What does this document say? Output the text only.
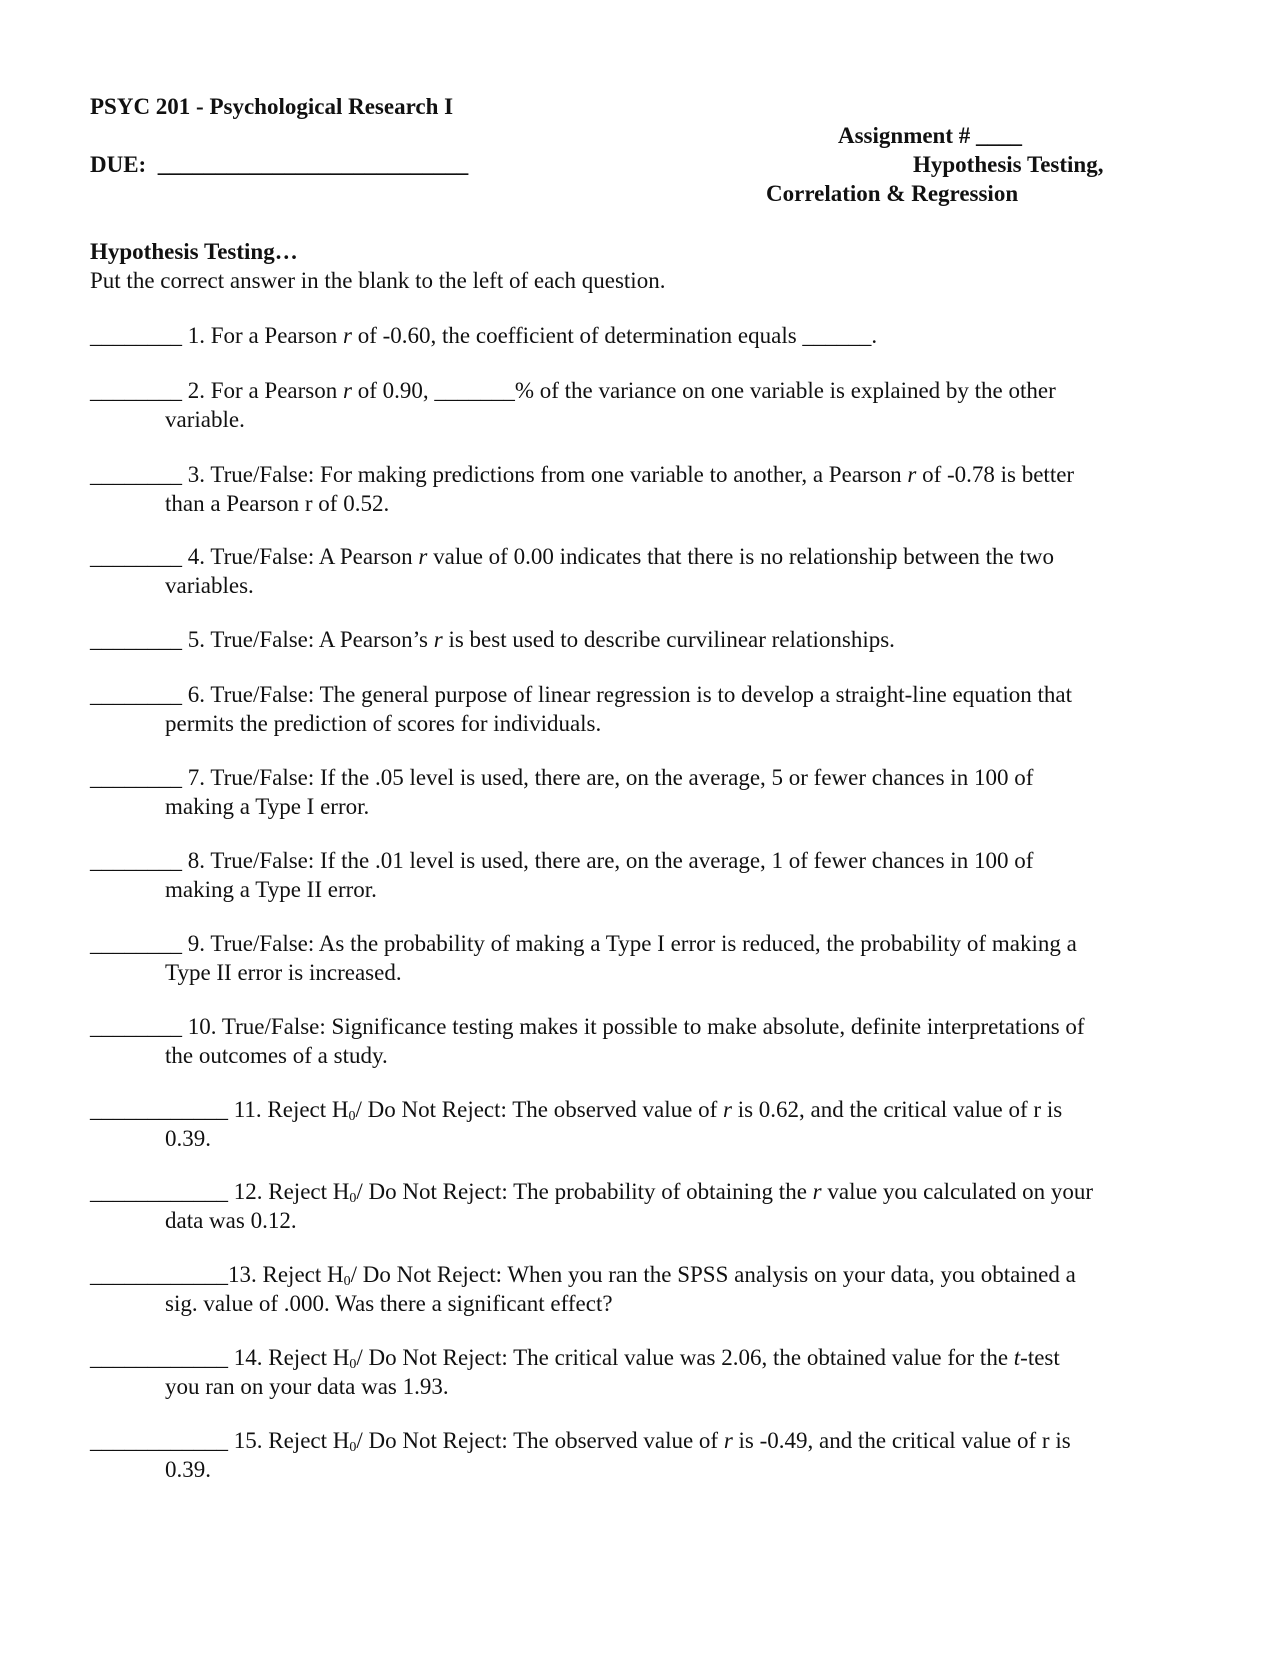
PSYC 201 - Psychological Research I
Assignment # ____
DUE: ___________________________	Hypothesis Testing,
Correlation & Regression
Hypothesis Testing…
Put the correct answer in the blank to the left of each question.
________ 1. For a Pearson r of -0.60, the coefficient of determination equals ______.
________ 2. For a Pearson r of 0.90, _______% of the variance on one variable is explained by the other
variable.
________ 3. True/False: For making predictions from one variable to another, a Pearson r of -0.78 is better
than a Pearson r of 0.52.
________ 4. True/False: A Pearson r value of 0.00 indicates that there is no relationship between the two
variables.
________ 5. True/False: A Pearson’s r is best used to describe curvilinear relationships.
________ 6. True/False: The general purpose of linear regression is to develop a straight-line equation that
permits the prediction of scores for individuals.
________ 7. True/False: If the .05 level is used, there are, on the average, 5 or fewer chances in 100 of
making a Type I error.
________ 8. True/False: If the .01 level is used, there are, on the average, 1 of fewer chances in 100 of
making a Type II error.
________ 9. True/False: As the probability of making a Type I error is reduced, the probability of making a
Type II error is increased.
________ 10. True/False: Significance testing makes it possible to make absolute, definite interpretations of
the outcomes of a study.
____________ 11. Reject $H_0/$ Do Not Reject: The observed value of r is 0.62, and the critical value of r is
0.39.
____________ 12. Reject $H_0/$ Do Not Reject: The probability of obtaining the r value you calculated on your
data was 0.12.
____________13. Reject $H_0/$ Do Not Reject: When you ran the SPSS analysis on your data, you obtained a
sig. value of .000. Was there a significant effect?
____________ 14. Reject $H_0/$ Do Not Reject: The critical value was 2.06, the obtained value for the t-test
you ran on your data was 1.93.
____________ 15. Reject $H_0/$ Do Not Reject: The observed value of r is -0.49, and the critical value of r is
0.39.
